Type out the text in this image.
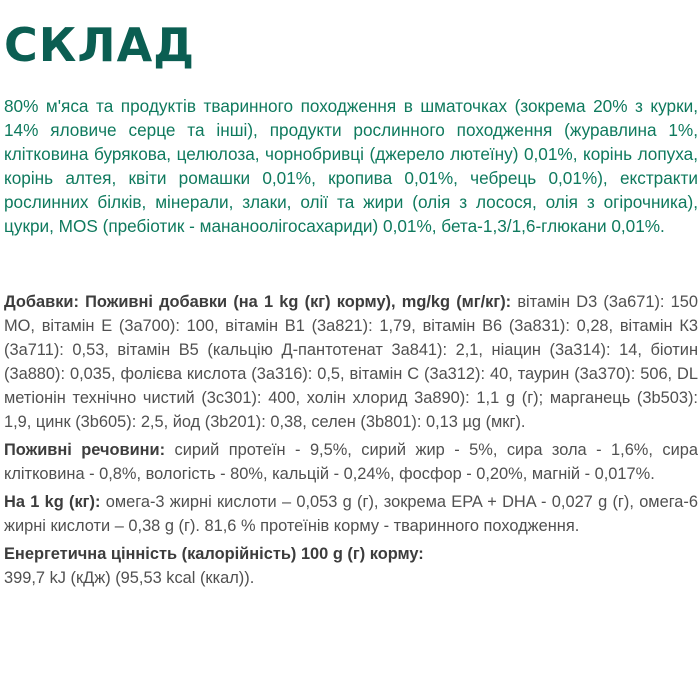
СКЛАД

80% м'яса та продуктів тваринного походження в шматочках (зокрема 20% з курки, 14% яловиче серце та інші), продукти рослинного походження (журавлина 1%, клітковина бурякова, целюлоза, чорнобривці (джерело лютеїну) 0,01%, корінь лопуха, корінь алтея, квіти ромашки 0,01%, кропива 0,01%, чебрець 0,01%), екстракти рослинних білків, мінерали, злаки, олії та жири (олія з лосося, олія з огірочника), цукри, MOS (пребіотик - мананоолігосахариди) 0,01%, бета-1,3/1,6-глюкани 0,01%.

Добавки: Поживні добавки (на 1 kg (кг) корму), mg/kg (мг/кг): вітамін D3 (3a671): 150 МО, вітамін Е (3a700): 100, вітамін В1 (3a821): 1,79, вітамін В6 (3a831): 0,28, вітамін К3 (3a711): 0,53, вітамін В5 (кальцію Д-пантотенат 3a841): 2,1, ніацин (3a314): 14, біотин (3a880): 0,035, фолієва кислота (3a316): 0,5, вітамін С (3a312): 40, таурин (3a370): 506, DL метіонін технічно чистий (3c301): 400, холін хлорид 3a890): 1,1 g (г); марганець (3b503): 1,9, цинк (3b605): 2,5, йод (3b201): 0,38, селен (3b801): 0,13 µg (мкг).

Поживні речовини: сирий протеїн - 9,5%, сирий жир - 5%, сира зола - 1,6%, сира клітковина - 0,8%, вологість - 80%, кальцій - 0,24%, фосфор - 0,20%, магній - 0,017%.

На 1 kg (кг): омега-3 жирні кислоти – 0,053 g (г), зокрема EPA + DHA - 0,027 g (г), омега-6 жирні кислоти – 0,38 g (г). 81,6 % протеїнів корму - тваринного походження.

Енергетична цінність (калорійність) 100 g (г) корму:
399,7 kJ (кДж) (95,53 kcal (ккал)).
